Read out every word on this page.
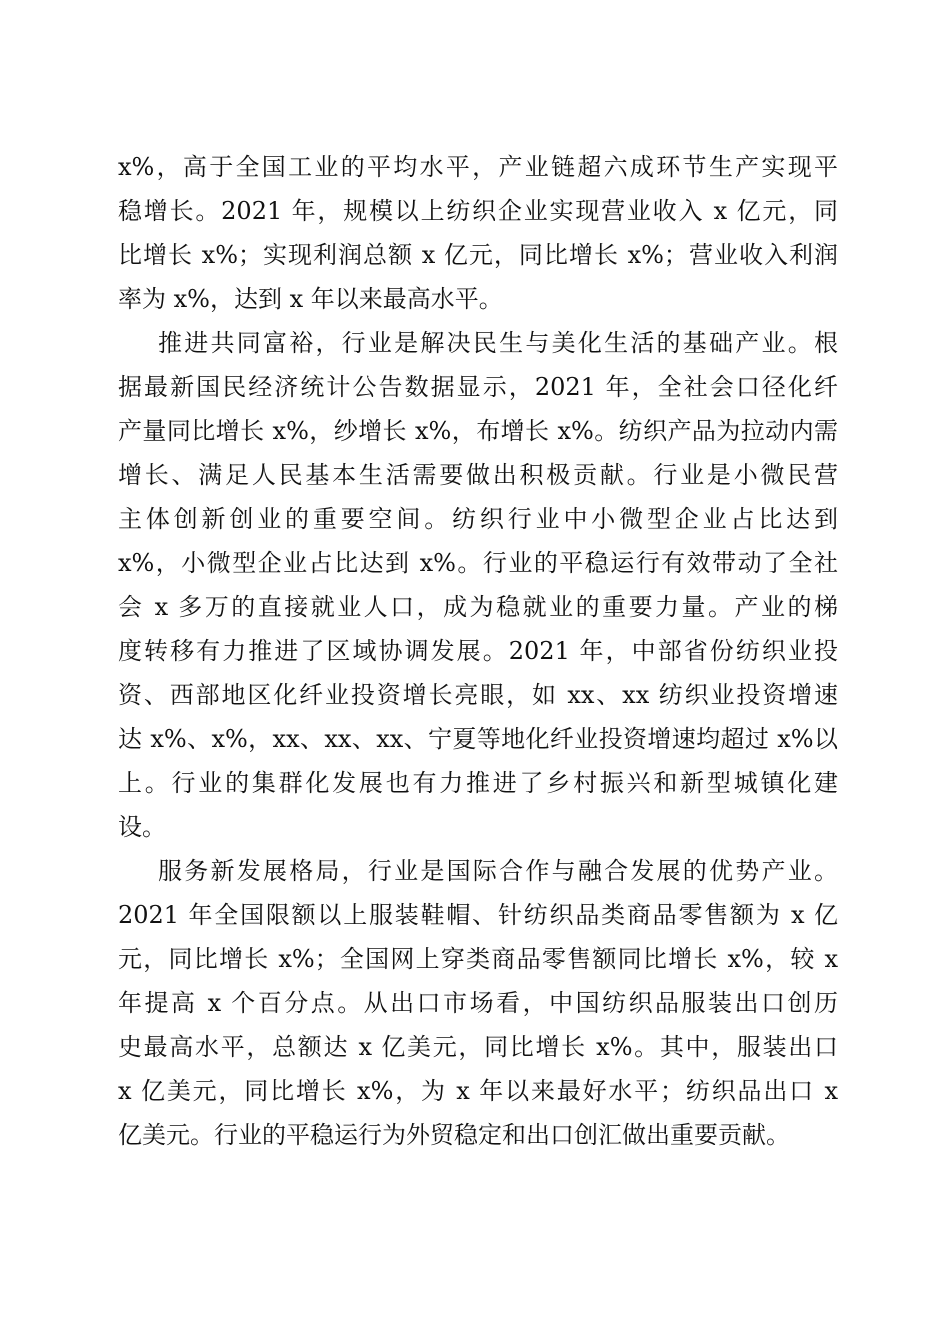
x%，高于全国工业的平均水平，产业链超六成环节生产实现平
稳增长。2021 年，规模以上纺织企业实现营业收入 x 亿元，同
比增长 x%；实现利润总额 x 亿元，同比增长 x%；营业收入利润
率为 x%，达到 x 年以来最高水平。
推进共同富裕，行业是解决民生与美化生活的基础产业。根
据最新国民经济统计公告数据显示，2021 年，全社会口径化纤
产量同比增长 x%，纱增长 x%，布增长 x%。纺织产品为拉动内需
增长、满足人民基本生活需要做出积极贡献。行业是小微民营
主体创新创业的重要空间。纺织行业中小微型企业占比达到
x%，小微型企业占比达到 x%。行业的平稳运行有效带动了全社
会 x 多万的直接就业人口，成为稳就业的重要力量。产业的梯
度转移有力推进了区域协调发展。2021 年，中部省份纺织业投
资、西部地区化纤业投资增长亮眼，如 xx、xx 纺织业投资增速
达 x%、x%，xx、xx、xx、宁夏等地化纤业投资增速均超过 x%以
上。行业的集群化发展也有力推进了乡村振兴和新型城镇化建
设。
服务新发展格局，行业是国际合作与融合发展的优势产业。
2021 年全国限额以上服装鞋帽、针纺织品类商品零售额为 x 亿
元，同比增长 x%；全国网上穿类商品零售额同比增长 x%，较 x
年提高 x 个百分点。从出口市场看，中国纺织品服装出口创历
史最高水平，总额达 x 亿美元，同比增长 x%。其中，服装出口
x 亿美元，同比增长 x%，为 x 年以来最好水平；纺织品出口 x
亿美元。行业的平稳运行为外贸稳定和出口创汇做出重要贡献。
